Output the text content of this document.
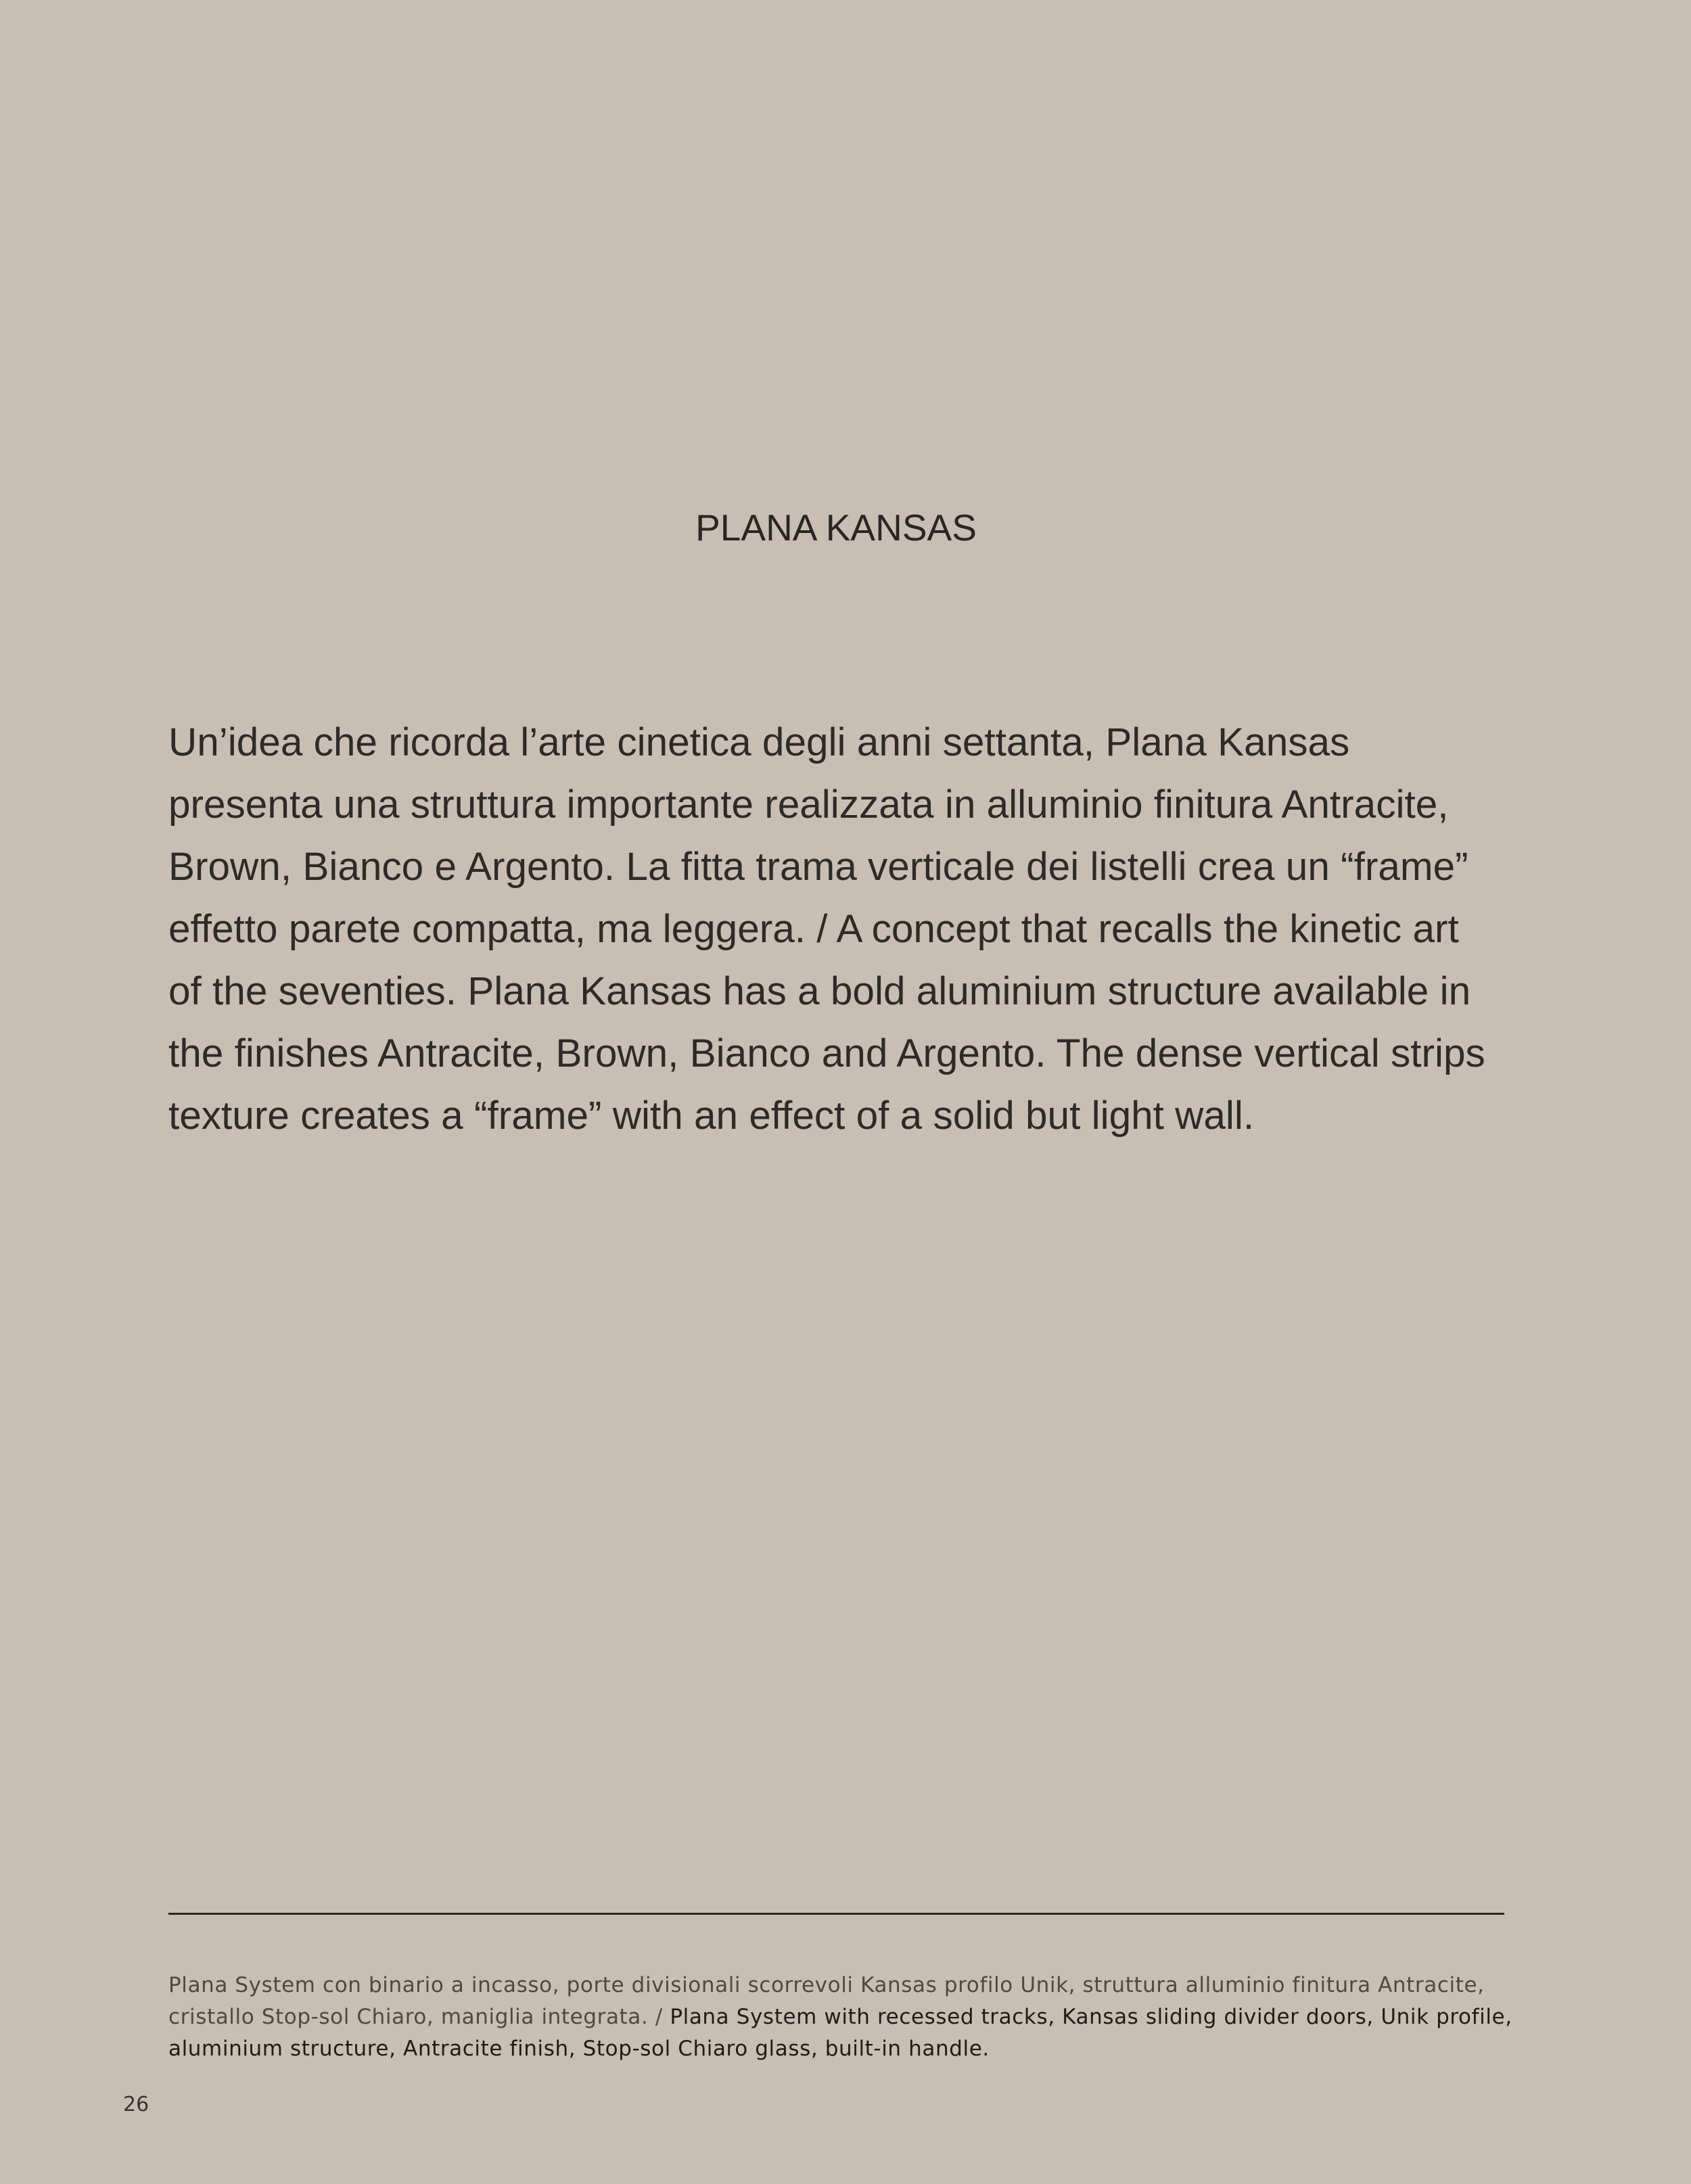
PLANA KANSAS
Un’idea che ricorda l’arte cinetica degli anni settanta, Plana Kansas
presenta una struttura importante realizzata in alluminio finitura Antracite,
Brown, Bianco e Argento. La fitta trama verticale dei listelli crea un “frame”
effetto parete compatta, ma leggera. / A concept that recalls the kinetic art
of the seventies. Plana Kansas has a bold aluminium structure available in
the finishes Antracite, Brown, Bianco and Argento. The dense vertical strips
texture creates a “frame” with an effect of a solid but light wall.
Plana System con binario a incasso, porte divisionali scorrevoli Kansas profilo Unik, struttura alluminio finitura Antracite, cristallo Stop-sol Chiaro, maniglia integrata. / Plana System with recessed tracks, Kansas sliding divider doors, Unik profile, aluminium structure, Antracite finish, Stop-sol Chiaro glass, built-in handle.
26
